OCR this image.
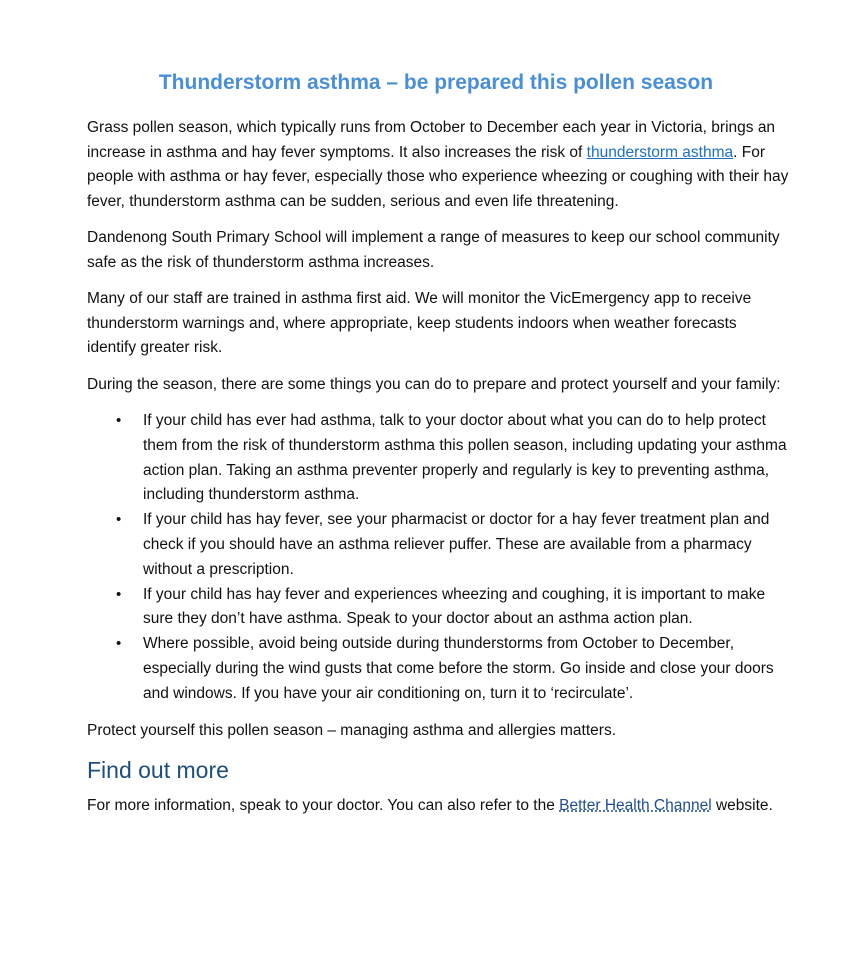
Thunderstorm asthma – be prepared this pollen season

Grass pollen season, which typically runs from October to December each year in Victoria, brings an increase in asthma and hay fever symptoms. It also increases the risk of thunderstorm asthma. For people with asthma or hay fever, especially those who experience wheezing or coughing with their hay fever, thunderstorm asthma can be sudden, serious and even life threatening.

Dandenong South Primary School will implement a range of measures to keep our school community safe as the risk of thunderstorm asthma increases.

Many of our staff are trained in asthma first aid. We will monitor the VicEmergency app to receive thunderstorm warnings and, where appropriate, keep students indoors when weather forecasts identify greater risk.

During the season, there are some things you can do to prepare and protect yourself and your family:

• If your child has ever had asthma, talk to your doctor about what you can do to help protect them from the risk of thunderstorm asthma this pollen season, including updating your asthma action plan. Taking an asthma preventer properly and regularly is key to preventing asthma, including thunderstorm asthma.
• If your child has hay fever, see your pharmacist or doctor for a hay fever treatment plan and check if you should have an asthma reliever puffer. These are available from a pharmacy without a prescription.
• If your child has hay fever and experiences wheezing and coughing, it is important to make sure they don’t have asthma. Speak to your doctor about an asthma action plan.
• Where possible, avoid being outside during thunderstorms from October to December, especially during the wind gusts that come before the storm. Go inside and close your doors and windows. If you have your air conditioning on, turn it to ‘recirculate’.

Protect yourself this pollen season – managing asthma and allergies matters.

Find out more

For more information, speak to your doctor. You can also refer to the Better Health Channel website.
